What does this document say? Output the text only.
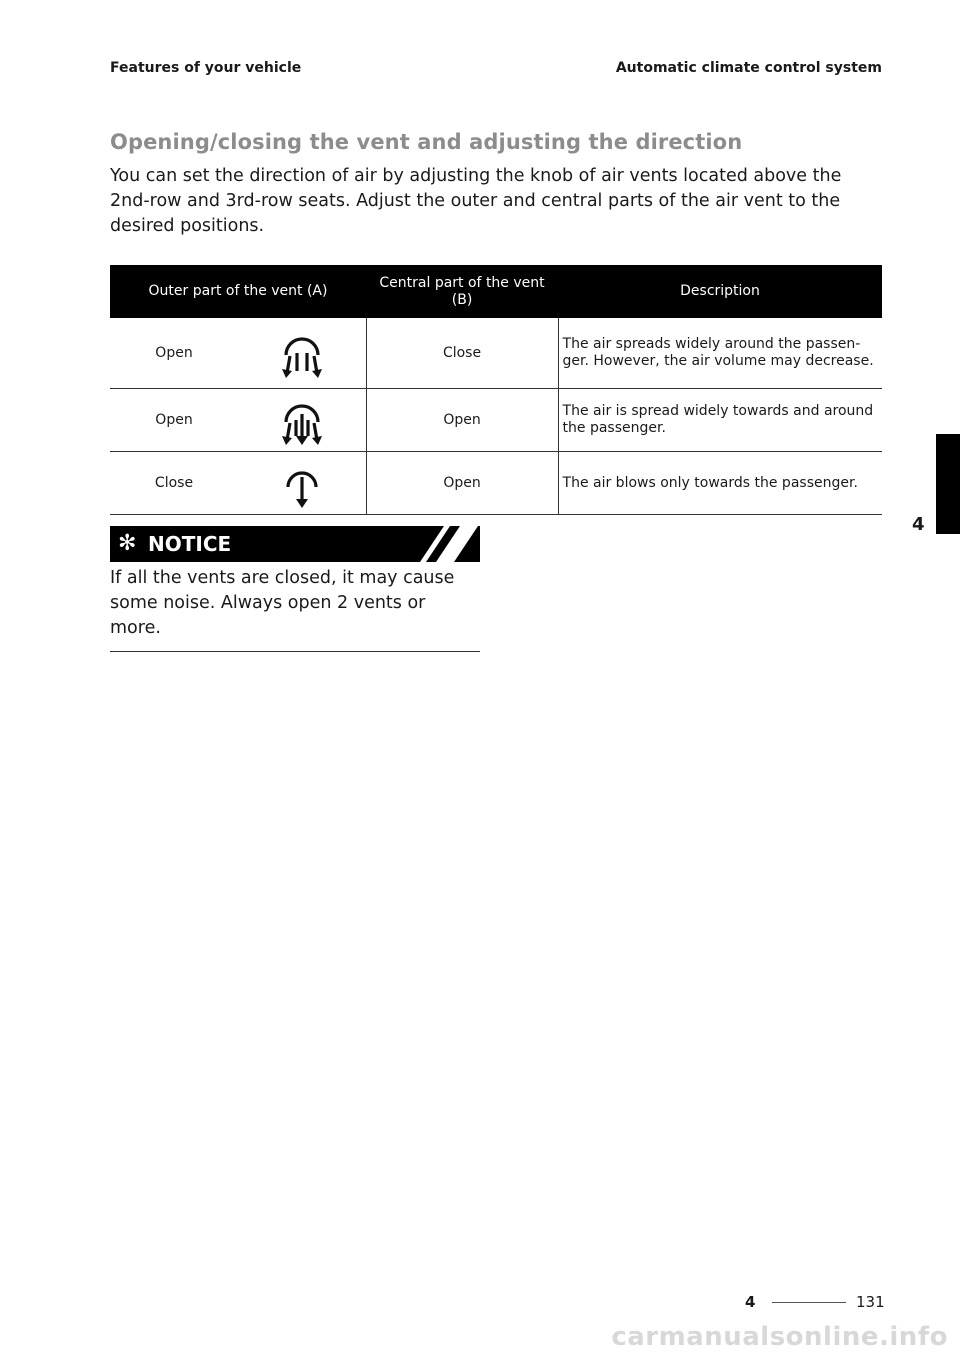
Features of your vehicle	Automatic climate control system
Opening/closing the vent and adjusting the direction
You can set the direction of air by adjusting the knob of air vents located above the 2nd-row and 3rd-row seats. Adjust the outer and central parts of the air vent to the desired positions.
Outer part of the vent (A)		Central part of the vent (B)	Description
Open		Close	The air spreads widely around the passen-ger. However, the air volume may decrease.
Open		Open	The air is spread widely towards and around the passenger.
Close		Open	The air blows only towards the passenger.
✻ NOTICE
If all the vents are closed, it may cause some noise. Always open 2 vents or more.
4
4	131
carmanualsonline.info
